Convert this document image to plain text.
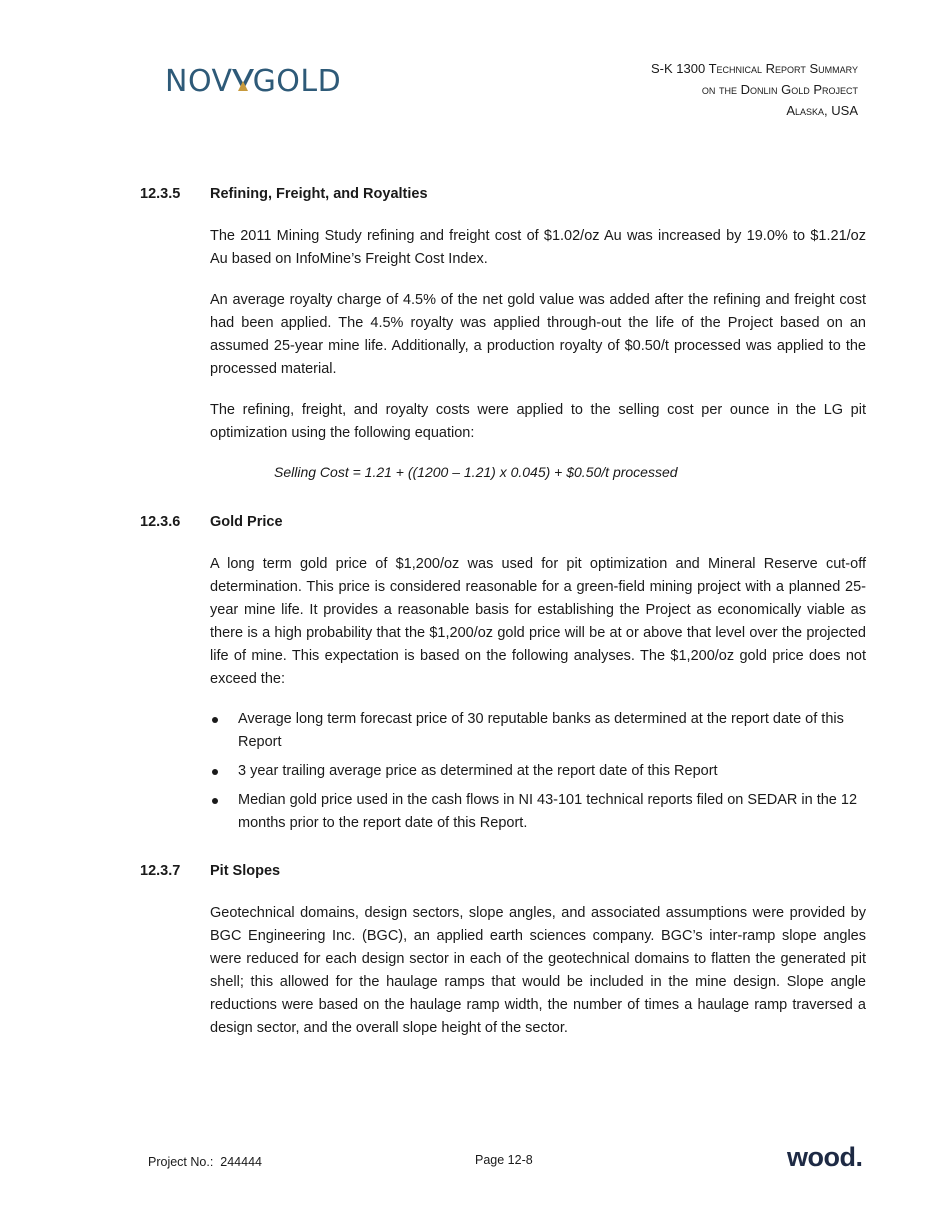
NOV GOLD	S-K 1300 Technical Report Summary
on the Donlin Gold Project
Alaska, USA
12.3.5 Refining, Freight, and Royalties

The 2011 Mining Study refining and freight cost of $1.02/oz Au was increased by 19.0% to $1.21/oz Au based on InfoMine’s Freight Cost Index.

An average royalty charge of 4.5% of the net gold value was added after the refining and freight cost had been applied. The 4.5% royalty was applied through-out the life of the Project based on an assumed 25-year mine life. Additionally, a production royalty of $0.50/t processed was applied to the processed material.

The refining, freight, and royalty costs were applied to the selling cost per ounce in the LG pit optimization using the following equation:

Selling Cost = 1.21 + ((1200 – 1.21) x 0.045) + $0.50/t processed
12.3.6 Gold Price

A long term gold price of $1,200/oz was used for pit optimization and Mineral Reserve cut-off determination. This price is considered reasonable for a green-field mining project with a planned 25-year mine life. It provides a reasonable basis for establishing the Project as economically viable as there is a high probability that the $1,200/oz gold price will be at or above that level over the projected life of mine. This expectation is based on the following analyses. The $1,200/oz gold price does not exceed the:

Average long term forecast price of 30 reputable banks as determined at the report date of this Report
3 year trailing average price as determined at the report date of this Report
Median gold price used in the cash flows in NI 43-101 technical reports filed on SEDAR in the 12 months prior to the report date of this Report.
12.3.7 Pit Slopes

Geotechnical domains, design sectors, slope angles, and associated assumptions were provided by BGC Engineering Inc. (BGC), an applied earth sciences company. BGC’s inter-ramp slope angles were reduced for each design sector in each of the geotechnical domains to flatten the generated pit shell; this allowed for the haulage ramps that would be included in the mine design. Slope angle reductions were based on the haulage ramp width, the number of times a haulage ramp traversed a design sector, and the overall slope height of the sector.

Project No.: 244444	Page 12-8	wood.
